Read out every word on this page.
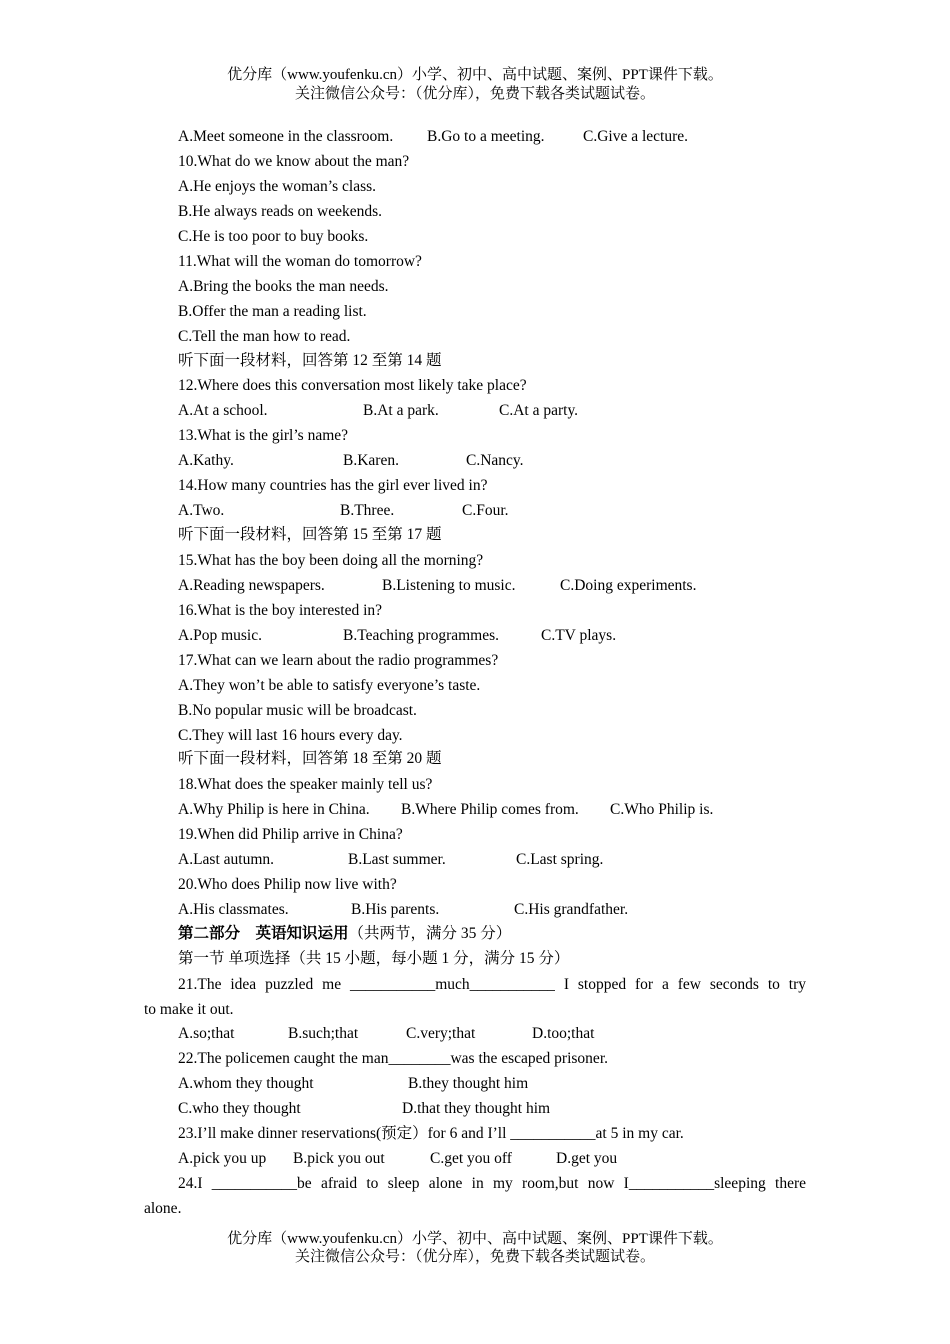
优分库（www.youfenku.cn）小学、初中、高中试题、案例、PPT课件下载。
关注微信公众号：（优分库），免费下载各类试题试卷。
A.Meet someone in the classroom. B.Go to a meeting. C.Give a lecture.
10.What do we know about the man?
A.He enjoys the woman’s class.
B.He always reads on weekends.
C.He is too poor to buy books.
11.What will the woman do tomorrow?
A.Bring the books the man needs.
B.Offer the man a reading list.
C.Tell the man how to read.
听下面一段材料，回答第 12 至第 14 题
12.Where does this conversation most likely take place?
A.At a school.	B.At a park.	C.At a party.
13.What is the girl’s name?
A.Kathy.	B.Karen.	C.Nancy.
14.How many countries has the girl ever lived in?
A.Two.	B.Three.	C.Four.
听下面一段材料，回答第 15 至第 17 题
15.What has the boy been doing all the morning?
A.Reading newspapers.	B.Listening to music.	C.Doing experiments.
16.What is the boy interested in?
A.Pop music.	B.Teaching programmes.	C.TV plays.
17.What can we learn about the radio programmes?
A.They won’t be able to satisfy everyone’s taste.
B.No popular music will be broadcast.
C.They will last 16 hours every day.
听下面一段材料，回答第 18 至第 20 题
18.What does the speaker mainly tell us?
A.Why Philip is here in China. B.Where Philip comes from. C.Who Philip is.
19.When did Philip arrive in China?
A.Last autumn.	B.Last summer.	C.Last spring.
20.Who does Philip now live with?
A.His classmates.	B.His parents.	C.His grandfather.
第二部分　英语知识运用（共两节，满分 35 分）
第一节 单项选择（共 15 小题，每小题 1 分，满分 15 分）
21.The idea puzzled me ___________much___________ I stopped for a few seconds to try
to make it out.
A.so;that	B.such;that	C.very;that	D.too;that
22.The policemen caught the man________was the escaped prisoner.
A.whom they thought	B.they thought him
C.who they thought	D.that they thought him
23.I’ll make dinner reservations(预定）for 6 and I’ll ___________at 5 in my car.
A.pick you up B.pick you out	C.get you off	D.get you
24.I ___________be afraid to sleep alone in my room,but now I___________sleeping there
alone.
优分库（www.youfenku.cn）小学、初中、高中试题、案例、PPT课件下载。
关注微信公众号：（优分库），免费下载各类试题试卷。
